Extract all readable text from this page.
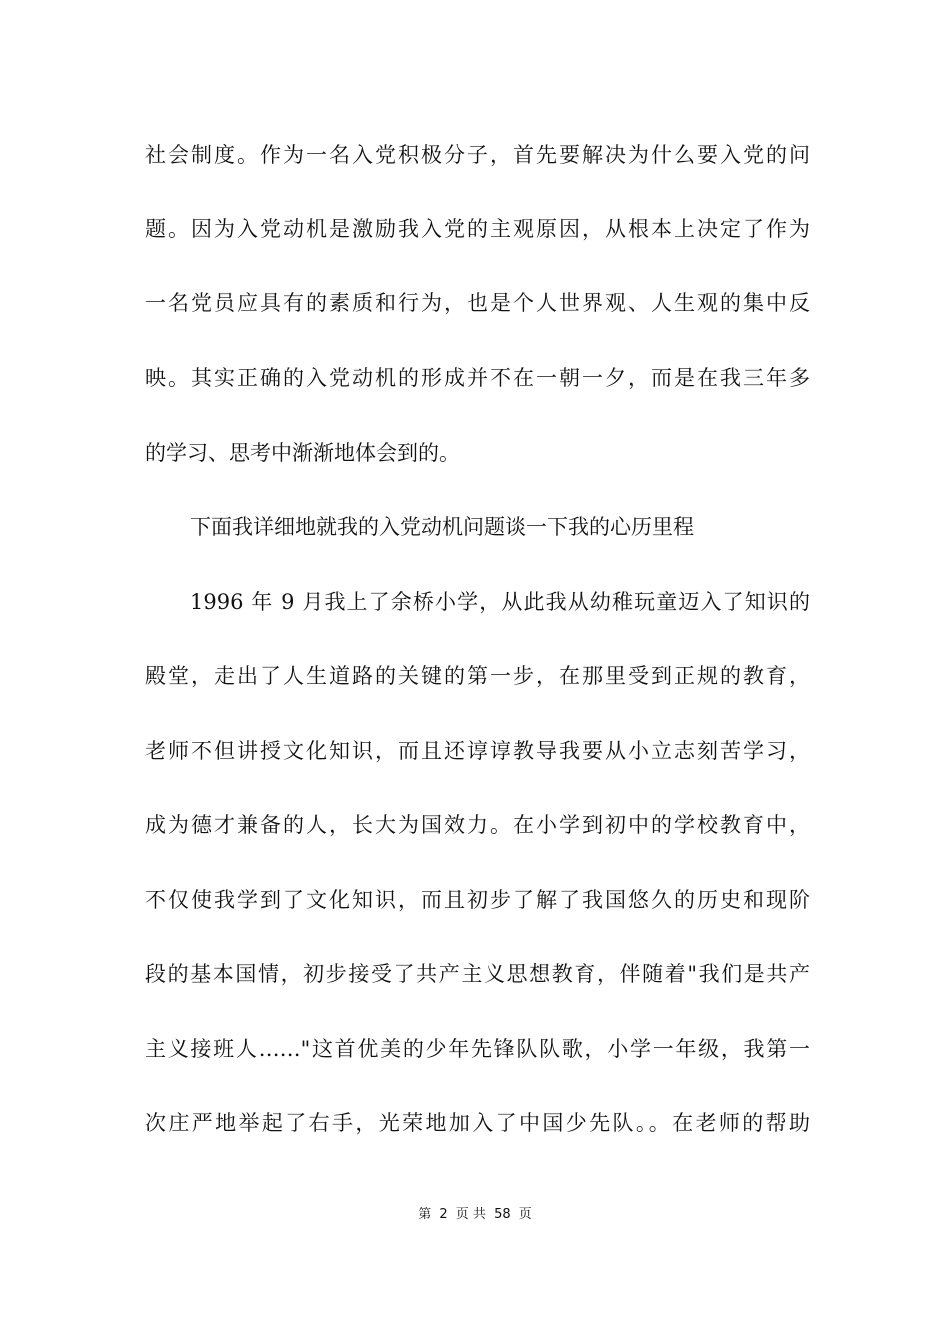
社会制度。作为一名入党积极分子，首先要解决为什么要入党的问
题。因为入党动机是激励我入党的主观原因，从根本上决定了作为
一名党员应具有的素质和行为，也是个人世界观、人生观的集中反
映。其实正确的入党动机的形成并不在一朝一夕，而是在我三年多
的学习、思考中渐渐地体会到的。
下面我详细地就我的入党动机问题谈一下我的心历里程
1996 年 9 月我上了余桥小学，从此我从幼稚玩童迈入了知识的
殿堂，走出了人生道路的关键的第一步，在那里受到正规的教育，
老师不但讲授文化知识，而且还谆谆教导我要从小立志刻苦学习，
成为德才兼备的人，长大为国效力。在小学到初中的学校教育中，
不仅使我学到了文化知识，而且初步了解了我国悠久的历史和现阶
段的基本国情，初步接受了共产主义思想教育，伴随着"我们是共产
主义接班人……"这首优美的少年先锋队队歌，小学一年级，我第一
次庄严地举起了右手，光荣地加入了中国少先队。。在老师的帮助
第 2 页 共 58 页
